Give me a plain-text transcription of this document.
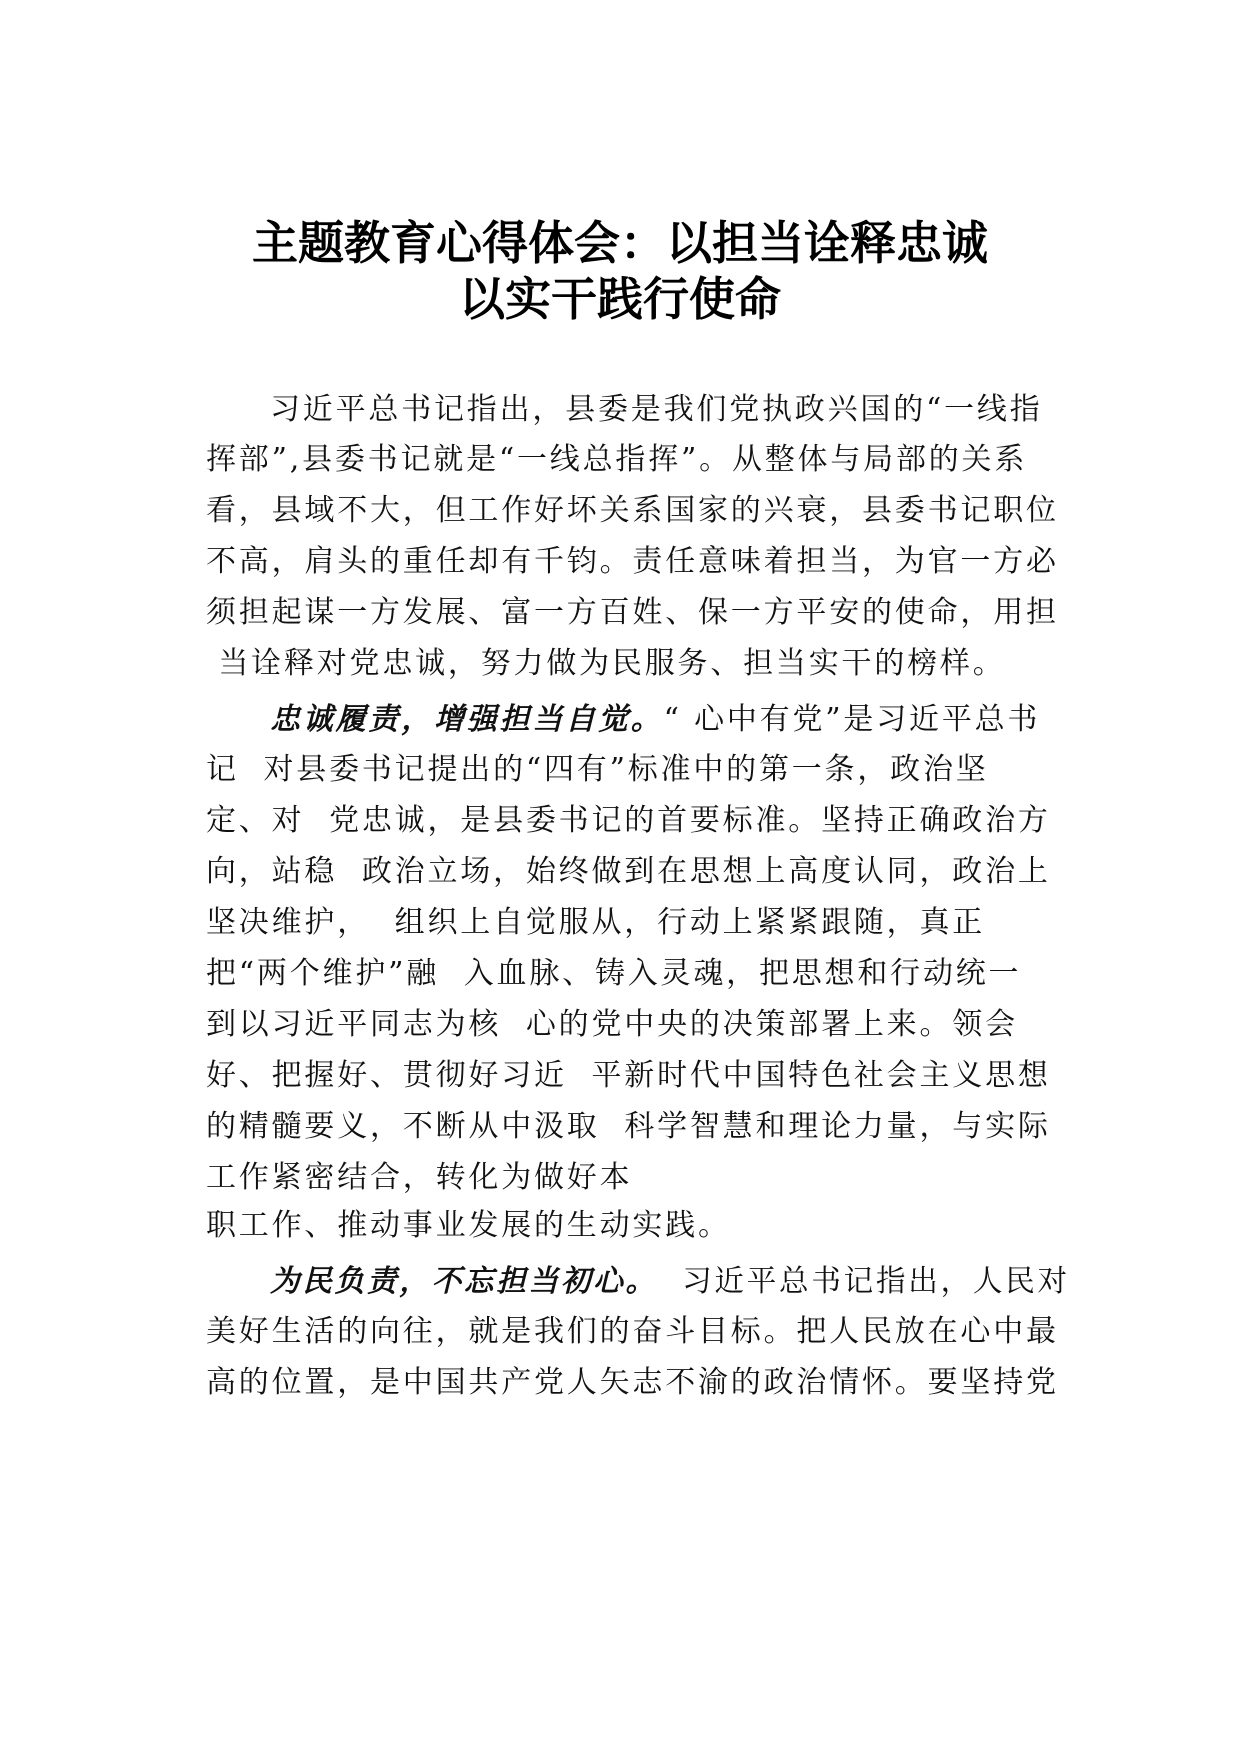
主题教育心得体会：以担当诠释忠诚
以实干践行使命
习近平总书记指出，县委是我们党执政兴国的“一线指
挥部”,县委书记就是“一线总指挥”。从整体与局部的关系
看，县域不大，但工作好坏关系国家的兴衰，县委书记职位
不高，肩头的重任却有千钧。责任意味着担当，为官一方必
须担起谋一方发展、富一方百姓、保一方平安的使命，用担
当诠释对党忠诚，努力做为民服务、担当实干的榜样。
忠诚履责，增强担当自觉。“ 心中有党”是习近平总书
记  对县委书记提出的“四有”标准中的第一条，政治坚
定、对  党忠诚，是县委书记的首要标准。坚持正确政治方
向，站稳  政治立场，始终做到在思想上高度认同，政治上
坚决维护，  组织上自觉服从，行动上紧紧跟随，真正
把“两个维护”融  入血脉、铸入灵魂，把思想和行动统一
到以习近平同志为核  心的党中央的决策部署上来。领会
好、把握好、贯彻好习近  平新时代中国特色社会主义思想
的精髓要义，不断从中汲取  科学智慧和理论力量，与实际
工作紧密结合，转化为做好本
职工作、推动事业发展的生动实践。
为民负责，不忘担当初心。  习近平总书记指出，人民对
美好生活的向往，就是我们的奋斗目标。把人民放在心中最
高的位置，是中国共产党人矢志不渝的政治情怀。要坚持党
